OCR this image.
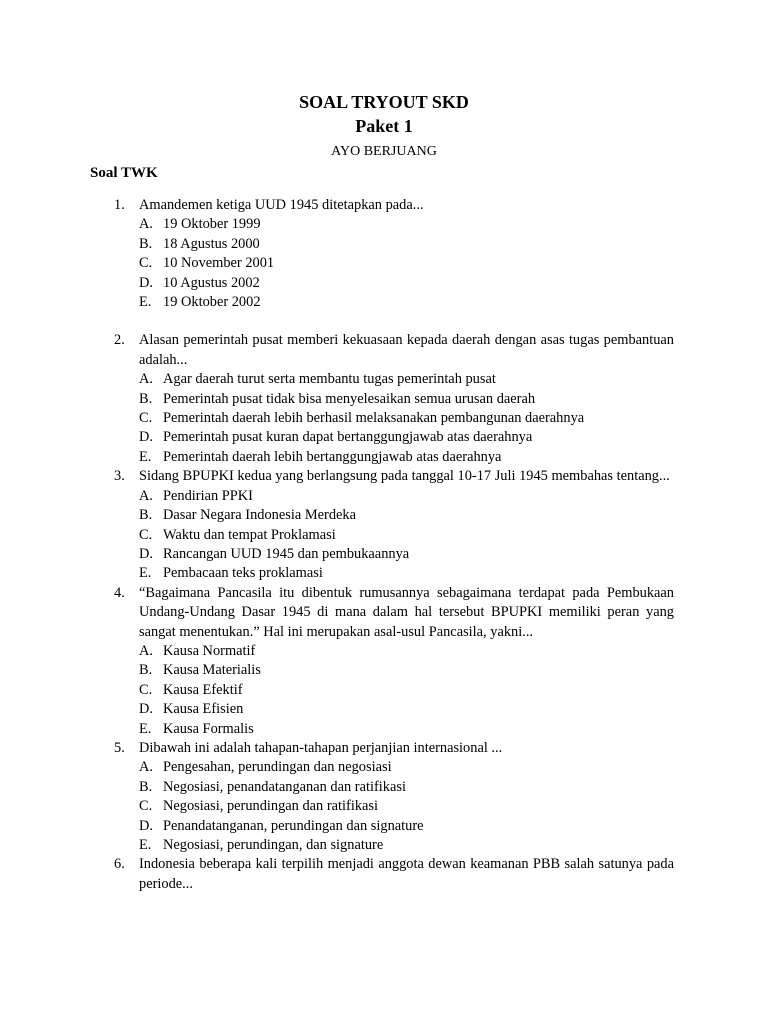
SOAL TRYOUT SKD
Paket 1
AYO BERJUANG
Soal TWK
1. Amandemen ketiga UUD 1945 ditetapkan pada...
A. 19 Oktober 1999
B. 18 Agustus 2000
C. 10 November 2001
D. 10 Agustus 2002
E. 19 Oktober 2002
2. Alasan pemerintah pusat memberi kekuasaan kepada daerah dengan asas tugas pembantuan adalah...
A. Agar daerah turut serta membantu tugas pemerintah pusat
B. Pemerintah pusat tidak bisa menyelesaikan semua urusan daerah
C. Pemerintah daerah lebih berhasil melaksanakan pembangunan daerahnya
D. Pemerintah pusat kuran dapat bertanggungjawab atas daerahnya
E. Pemerintah daerah lebih bertanggungjawab atas daerahnya
3. Sidang BPUPKI kedua yang berlangsung pada tanggal 10-17 Juli 1945 membahas tentang...
A. Pendirian PPKI
B. Dasar Negara Indonesia Merdeka
C. Waktu dan tempat Proklamasi
D. Rancangan UUD 1945 dan pembukaannya
E. Pembacaan teks proklamasi
4. “Bagaimana Pancasila itu dibentuk rumusannya sebagaimana terdapat pada Pembukaan Undang-Undang Dasar 1945 di mana dalam hal tersebut BPUPKI memiliki peran yang sangat menentukan.” Hal ini merupakan asal-usul Pancasila, yakni...
A. Kausa Normatif
B. Kausa Materialis
C. Kausa Efektif
D. Kausa Efisien
E. Kausa Formalis
5. Dibawah ini adalah tahapan-tahapan perjanjian internasional ...
A. Pengesahan, perundingan dan negosiasi
B. Negosiasi, penandatanganan dan ratifikasi
C. Negosiasi, perundingan dan ratifikasi
D. Penandatanganan, perundingan dan signature
E. Negosiasi, perundingan, dan signature
6. Indonesia beberapa kali terpilih menjadi anggota dewan keamanan PBB salah satunya pada periode...
